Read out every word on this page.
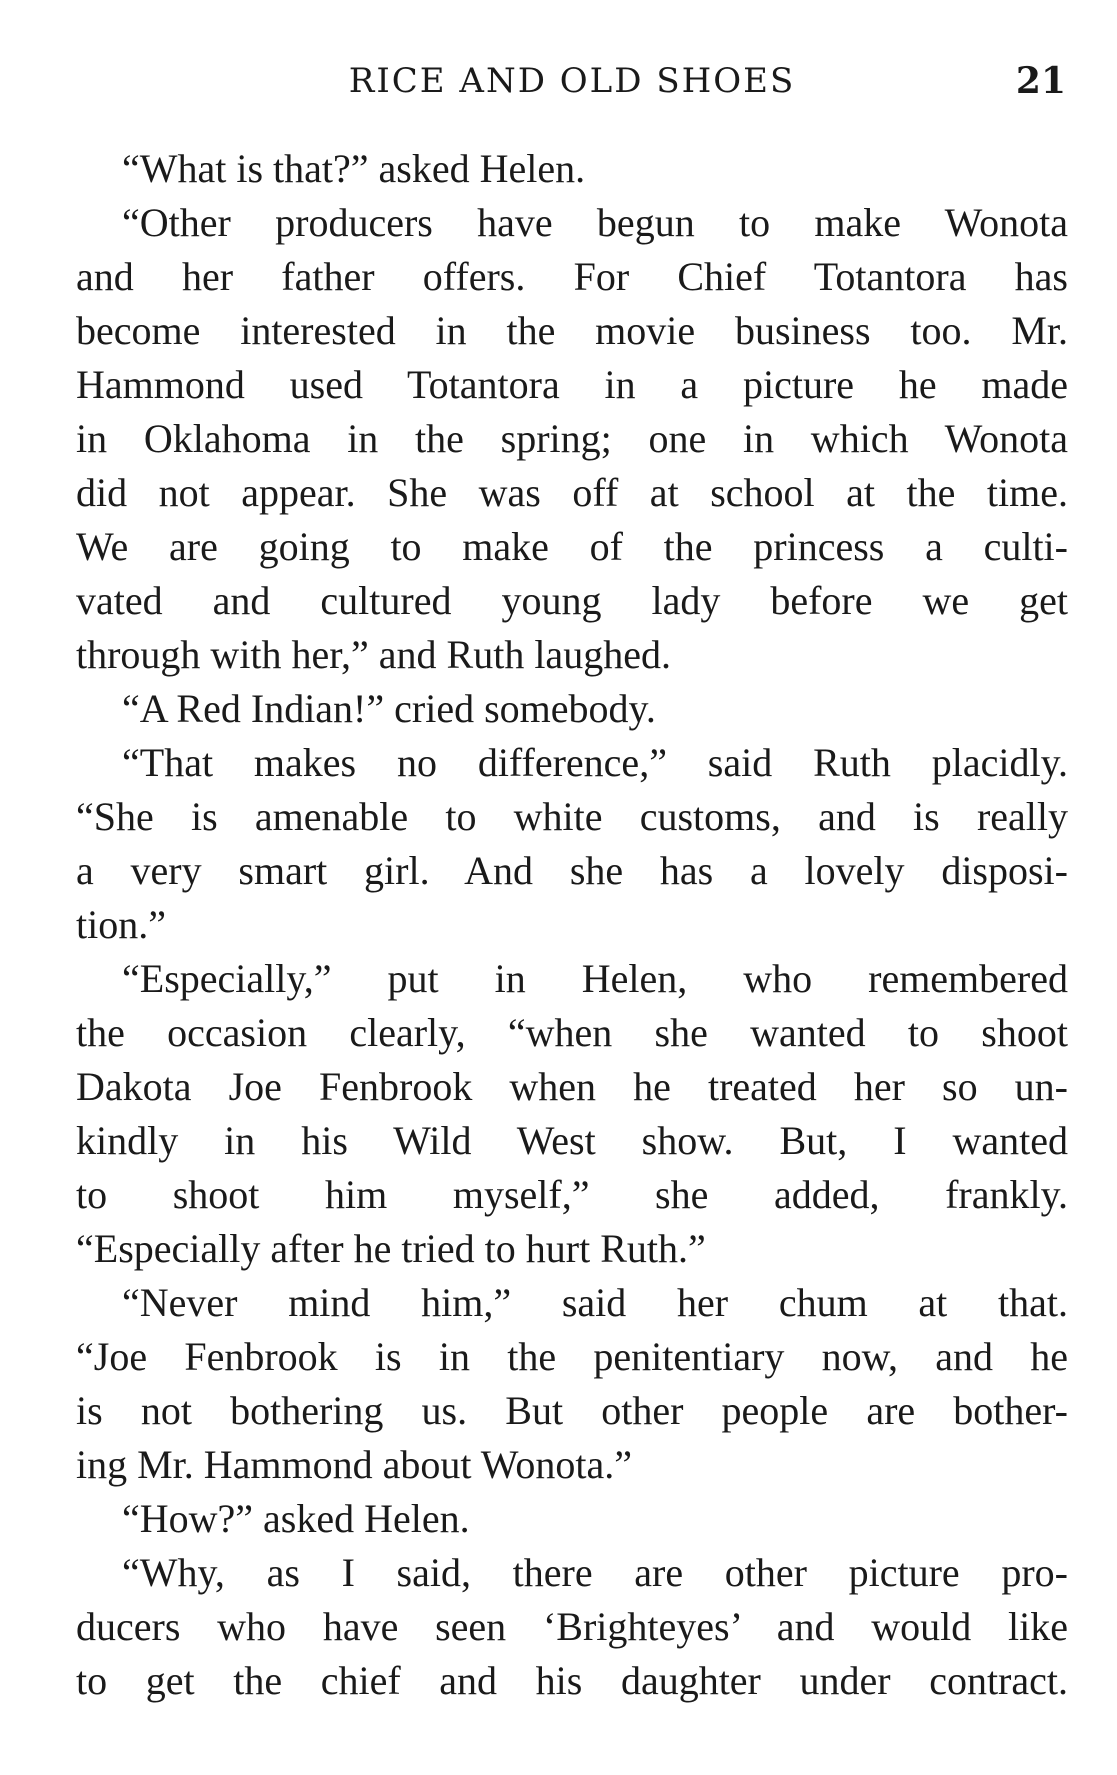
RICE AND OLD SHOES	21
“What is that?” asked Helen.
“Other producers have begun to make Wonota
and her father offers. For Chief Totantora has
become interested in the movie business too. Mr.
Hammond used Totantora in a picture he made
in Oklahoma in the spring; one in which Wonota
did not appear. She was off at school at the time.
We are going to make of the princess a culti-
vated and cultured young lady before we get
through with her,” and Ruth laughed.
“A Red Indian!” cried somebody.
“That makes no difference,” said Ruth placidly.
“She is amenable to white customs, and is really
a very smart girl. And she has a lovely disposi-
tion.”
“Especially,” put in Helen, who remembered
the occasion clearly, “when she wanted to shoot
Dakota Joe Fenbrook when he treated her so un-
kindly in his Wild West show. But, I wanted
to shoot him myself,” she added, frankly.
“Especially after he tried to hurt Ruth.”
“Never mind him,” said her chum at that.
“Joe Fenbrook is in the penitentiary now, and he
is not bothering us. But other people are bother-
ing Mr. Hammond about Wonota.”
“How?” asked Helen.
“Why, as I said, there are other picture pro-
ducers who have seen ‘Brighteyes’ and would like
to get the chief and his daughter under contract.
